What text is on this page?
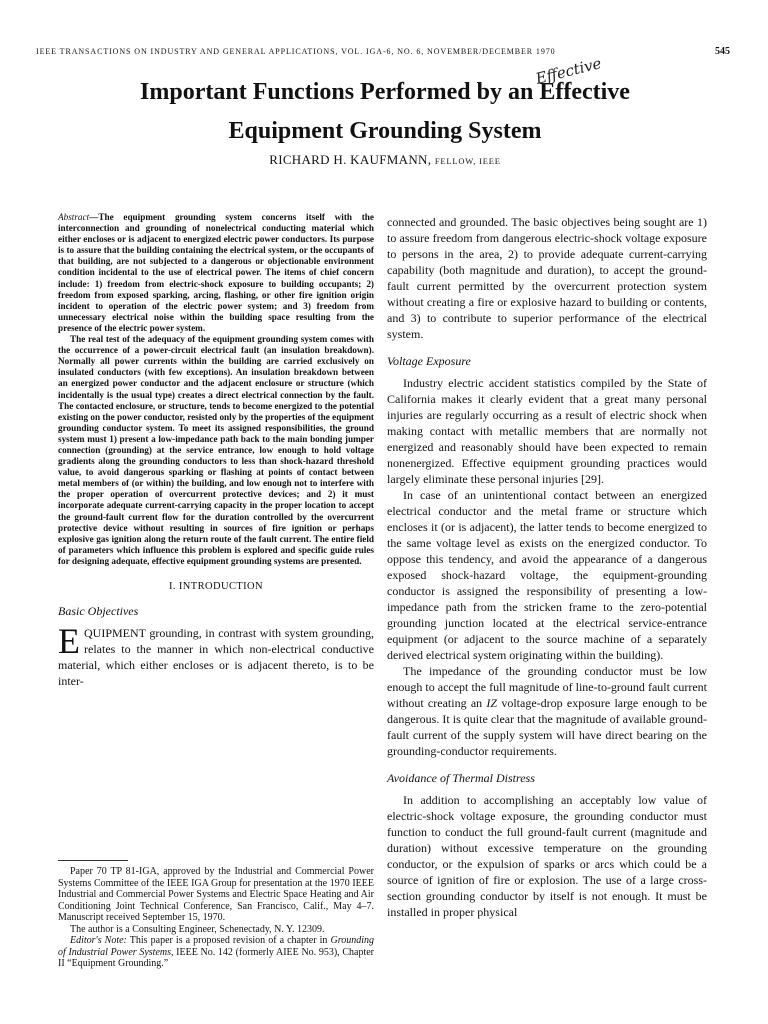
IEEE TRANSACTIONS ON INDUSTRY AND GENERAL APPLICATIONS, VOL. IGA-6, NO. 6, NOVEMBER/DECEMBER 1970	545
Important Functions Performed by an Effective
Equipment Grounding System
Effective
RICHARD H. KAUFMANN, FELLOW, IEEE

Abstract—The equipment grounding system concerns itself with the interconnection and grounding of nonelectrical conducting material which either encloses or is adjacent to energized electric power conductors. Its purpose is to assure that the building containing the electrical system, or the occupants of that building, are not subjected to a dangerous or objectionable environment condition incidental to the use of electrical power. The items of chief concern include: 1) freedom from electric-shock exposure to building occupants; 2) freedom from exposed sparking, arcing, flashing, or other fire ignition origin incident to operation of the electric power system; and 3) freedom from unnecessary electrical noise within the building space resulting from the presence of the electric power system.

The real test of the adequacy of the equipment grounding system comes with the occurrence of a power-circuit electrical fault (an insulation breakdown). Normally all power currents within the building are carried exclusively on insulated conductors (with few exceptions). An insulation breakdown between an energized power conductor and the adjacent enclosure or structure (which incidentally is the usual type) creates a direct electrical connection by the fault. The contacted enclosure, or structure, tends to become energized to the potential existing on the power conductor, resisted only by the properties of the equipment grounding conductor system. To meet its assigned responsibilities, the ground system must 1) present a low-impedance path back to the main bonding jumper connection (grounding) at the service entrance, low enough to hold voltage gradients along the grounding conductors to less than shock-hazard threshold value, to avoid dangerous sparking or flashing at points of contact between metal members of (or within) the building, and low enough not to interfere with the proper operation of overcurrent protective devices; and 2) it must incorporate adequate current-carrying capacity in the proper location to accept the ground-fault current flow for the duration controlled by the overcurrent protective device without resulting in sources of fire ignition or perhaps explosive gas ignition along the return route of the fault current. The entire field of parameters which influence this problem is explored and specific guide rules for designing adequate, effective equipment grounding systems are presented.

I. INTRODUCTION
Basic Objectives
EQUIPMENT grounding, in contrast with system grounding, relates to the manner in which non-electrical conductive material, which either encloses or is adjacent thereto, is to be inter-

Paper 70 TP 81-IGA, approved by the Industrial and Commercial Power Systems Committee of the IEEE IGA Group for presentation at the 1970 IEEE Industrial and Commercial Power Systems and Electric Space Heating and Air Conditioning Joint Technical Conference, San Francisco, Calif., May 4–7. Manuscript received September 15, 1970.

The author is a Consulting Engineer, Schenectady, N. Y. 12309.

Editor's Note: This paper is a proposed revision of a chapter in Grounding of Industrial Power Systems, IEEE No. 142 (formerly AIEE No. 953), Chapter II “Equipment Grounding.”

connected and grounded. The basic objectives being sought are 1) to assure freedom from dangerous electric-shock voltage exposure to persons in the area, 2) to provide adequate current-carrying capability (both magnitude and duration), to accept the ground-fault current permitted by the overcurrent protection system without creating a fire or explosive hazard to building or contents, and 3) to contribute to superior performance of the electrical system.

Voltage Exposure

Industry electric accident statistics compiled by the State of California makes it clearly evident that a great many personal injuries are regularly occurring as a result of electric shock when making contact with metallic members that are normally not energized and reasonably should have been expected to remain nonenergized. Effective equipment grounding practices would largely eliminate these personal injuries [29].

In case of an unintentional contact between an energized electrical conductor and the metal frame or structure which encloses it (or is adjacent), the latter tends to become energized to the same voltage level as exists on the energized conductor. To oppose this tendency, and avoid the appearance of a dangerous exposed shock-hazard voltage, the equipment-grounding conductor is assigned the responsibility of presenting a low-impedance path from the stricken frame to the zero-potential grounding junction located at the electrical service-entrance equipment (or adjacent to the source machine of a separately derived electrical system originating within the building).

The impedance of the grounding conductor must be low enough to accept the full magnitude of line-to-ground fault current without creating an IZ voltage-drop exposure large enough to be dangerous. It is quite clear that the magnitude of available ground-fault current of the supply system will have direct bearing on the grounding-conductor requirements.

Avoidance of Thermal Distress

In addition to accomplishing an acceptably low value of electric-shock voltage exposure, the grounding conductor must function to conduct the full ground-fault current (magnitude and duration) without excessive temperature on the grounding conductor, or the expulsion of sparks or arcs which could be a source of ignition of fire or explosion. The use of a large cross-section grounding conductor by itself is not enough. It must be installed in proper physical
